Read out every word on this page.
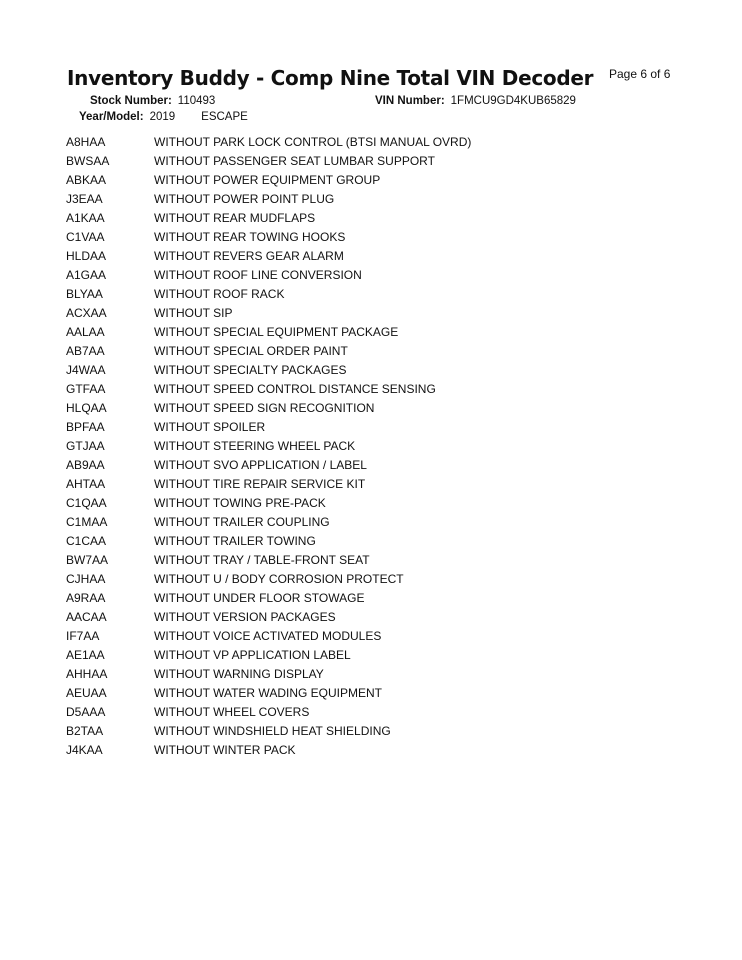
Inventory Buddy - Comp Nine Total VIN Decoder Page 6 of 6
Stock Number: 110493	VIN Number: 1FMCU9GD4KUB65829
Year/Model: 2019 ESCAPE
A8HAA	WITHOUT PARK LOCK CONTROL (BTSI MANUAL OVRD)
BWSAA	WITHOUT PASSENGER SEAT LUMBAR SUPPORT
ABKAA	WITHOUT POWER EQUIPMENT GROUP
J3EAA	WITHOUT POWER POINT PLUG
A1KAA	WITHOUT REAR MUDFLAPS
C1VAA	WITHOUT REAR TOWING HOOKS
HLDAA	WITHOUT REVERS GEAR ALARM
A1GAA	WITHOUT ROOF LINE CONVERSION
BLYAA	WITHOUT ROOF RACK
ACXAA	WITHOUT SIP
AALAA	WITHOUT SPECIAL EQUIPMENT PACKAGE
AB7AA	WITHOUT SPECIAL ORDER PAINT
J4WAA	WITHOUT SPECIALTY PACKAGES
GTFAA	WITHOUT SPEED CONTROL DISTANCE SENSING
HLQAA	WITHOUT SPEED SIGN RECOGNITION
BPFAA	WITHOUT SPOILER
GTJAA	WITHOUT STEERING WHEEL PACK
AB9AA	WITHOUT SVO APPLICATION / LABEL
AHTAA	WITHOUT TIRE REPAIR SERVICE KIT
C1QAA	WITHOUT TOWING PRE-PACK
C1MAA	WITHOUT TRAILER COUPLING
C1CAA	WITHOUT TRAILER TOWING
BW7AA	WITHOUT TRAY / TABLE-FRONT SEAT
CJHAA	WITHOUT U / BODY CORROSION PROTECT
A9RAA	WITHOUT UNDER FLOOR STOWAGE
AACAA	WITHOUT VERSION PACKAGES
IF7AA	WITHOUT VOICE ACTIVATED MODULES
AE1AA	WITHOUT VP APPLICATION LABEL
AHHAA	WITHOUT WARNING DISPLAY
AEUAA	WITHOUT WATER WADING EQUIPMENT
D5AAA	WITHOUT WHEEL COVERS
B2TAA	WITHOUT WINDSHIELD HEAT SHIELDING
J4KAA	WITHOUT WINTER PACK
